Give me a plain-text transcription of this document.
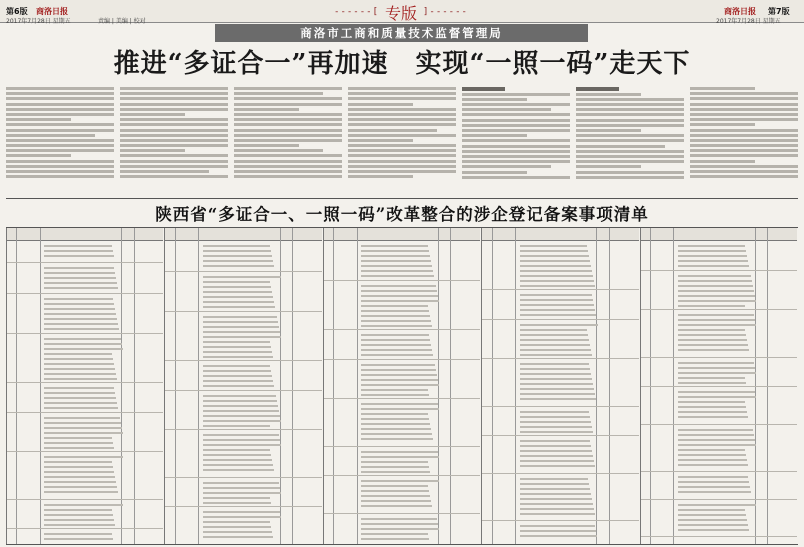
第6版 商洛日报
2017年7月28日 星期五	责编 | 美编 | 校对
------[ 专版 ]------	商洛日报 第7版
2017年7月28日 星期五
商洛市工商和质量技术监督管理局
推进“多证合一”再加速　实现“一照一码”走天下
陕西省“多证合一、一照一码”改革整合的涉企登记备案事项清单
